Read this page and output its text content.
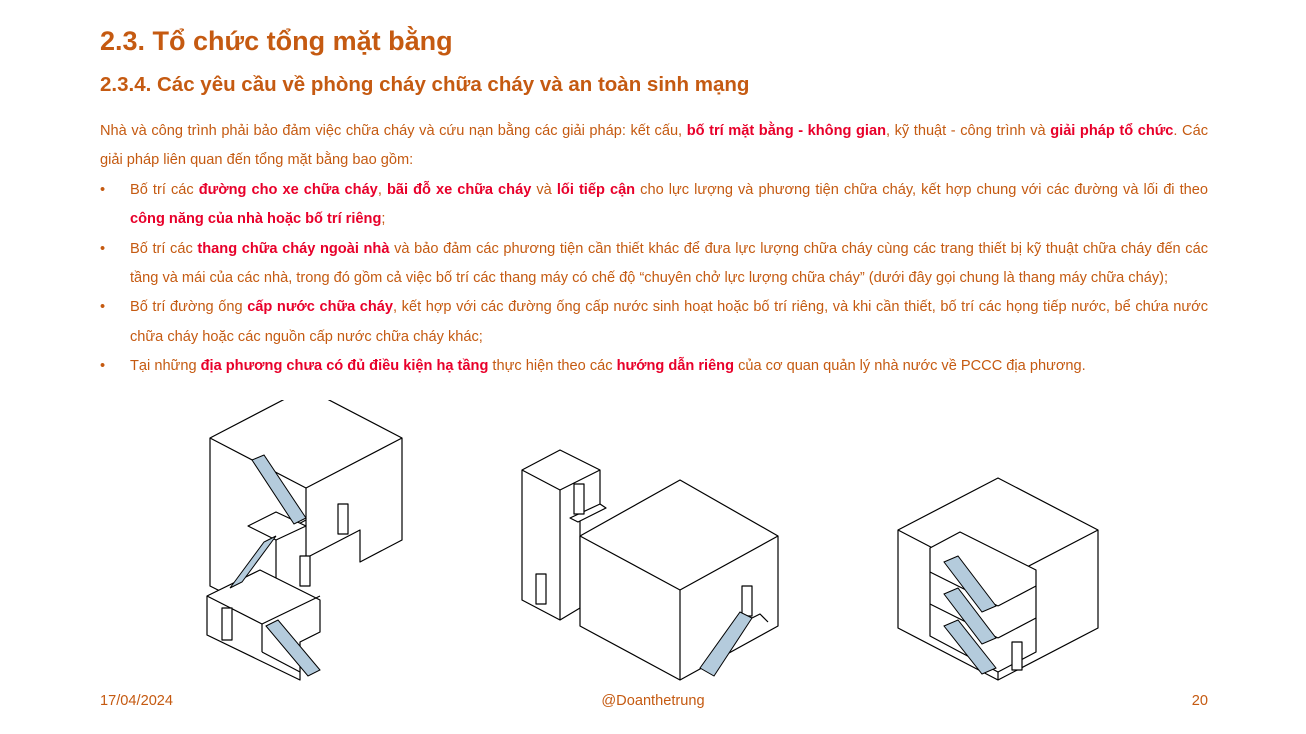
2.3. Tổ chức tổng mặt bằng
2.3.4. Các yêu cầu về phòng cháy chữa cháy và an toàn sinh mạng

Nhà và công trình phải bảo đảm việc chữa cháy và cứu nạn bằng các giải pháp: kết cấu, bố trí mặt bằng - không gian, kỹ thuật - công trình và giải pháp tổ chức. Các giải pháp liên quan đến tổng mặt bằng bao gồm:

• Bố trí các đường cho xe chữa cháy, bãi đỗ xe chữa cháy và lối tiếp cận cho lực lượng và phương tiện chữa cháy, kết hợp chung với các đường và lối đi theo công năng của nhà hoặc bố trí riêng;
• Bố trí các thang chữa cháy ngoài nhà và bảo đảm các phương tiện cần thiết khác để đưa lực lượng chữa cháy cùng các trang thiết bị kỹ thuật chữa cháy đến các tầng và mái của các nhà, trong đó gồm cả việc bố trí các thang máy có chế độ “chuyên chở lực lượng chữa cháy” (dưới đây gọi chung là thang máy chữa cháy);
• Bố trí đường ống cấp nước chữa cháy, kết hợp với các đường ống cấp nước sinh hoạt hoặc bố trí riêng, và khi cần thiết, bố trí các họng tiếp nước, bể chứa nước chữa cháy hoặc các nguồn cấp nước chữa cháy khác;
• Tại những địa phương chưa có đủ điều kiện hạ tầng thực hiện theo các hướng dẫn riêng của cơ quan quản lý nhà nước về PCCC địa phương.
17/04/2024	@Doanthetrung	20
